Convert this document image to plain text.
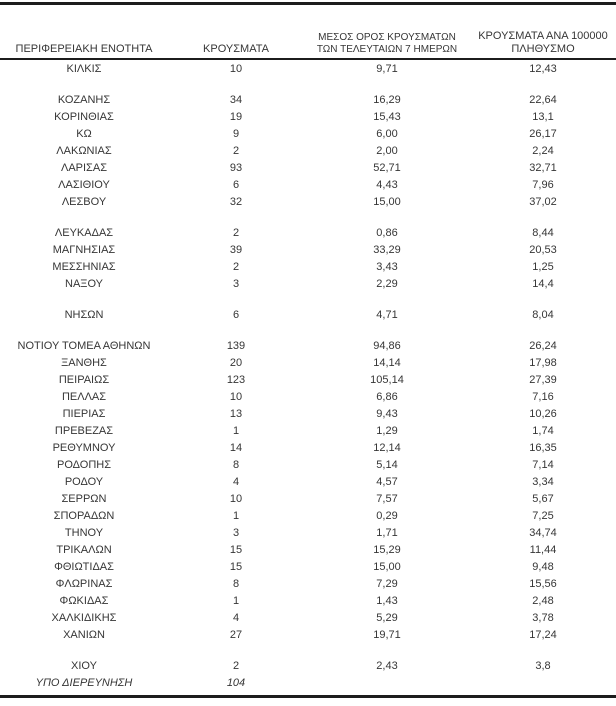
ΠΕΡΙΦΕΡΕΙΑΚΗ ΕΝΟΤΗΤΑ	ΚΡΟΥΣΜΑΤΑ	ΜΕΣΟΣ ΟΡΟΣ ΚΡΟΥΣΜΑΤΩΝ
ΤΩΝ ΤΕΛΕΥΤΑΙΩΝ 7 ΗΜΕΡΩΝ	ΚΡΟΥΣΜΑΤΑ ΑΝΑ 100000
ΠΛΗΘΥΣΜΟ
ΚΙΛΚΙΣ	10	9,71	12,43

ΚΟΖΑΝΗΣ	34	16,29	22,64
ΚΟΡΙΝΘΙΑΣ	19	15,43	13,1
ΚΩ	9	6,00	26,17
ΛΑΚΩΝΙΑΣ	2	2,00	2,24
ΛΑΡΙΣΑΣ	93	52,71	32,71
ΛΑΣΙΘΙΟΥ	6	4,43	7,96
ΛΕΣΒΟΥ	32	15,00	37,02

ΛΕΥΚΑΔΑΣ	2	0,86	8,44
ΜΑΓΝΗΣΙΑΣ	39	33,29	20,53
ΜΕΣΣΗΝΙΑΣ	2	3,43	1,25
ΝΑΞΟΥ	3	2,29	14,4

ΝΗΣΩΝ	6	4,71	8,04

ΝΟΤΙΟΥ ΤΟΜΕΑ ΑΘΗΝΩΝ	139	94,86	26,24
ΞΑΝΘΗΣ	20	14,14	17,98
ΠΕΙΡΑΙΩΣ	123	105,14	27,39
ΠΕΛΛΑΣ	10	6,86	7,16
ΠΙΕΡΙΑΣ	13	9,43	10,26
ΠΡΕΒΕΖΑΣ	1	1,29	1,74
ΡΕΘΥΜΝΟΥ	14	12,14	16,35
ΡΟΔΟΠΗΣ	8	5,14	7,14
ΡΟΔΟΥ	4	4,57	3,34
ΣΕΡΡΩΝ	10	7,57	5,67
ΣΠΟΡΑΔΩΝ	1	0,29	7,25
ΤΗΝΟΥ	3	1,71	34,74
ΤΡΙΚΑΛΩΝ	15	15,29	11,44
ΦΘΙΩΤΙΔΑΣ	15	15,00	9,48
ΦΛΩΡΙΝΑΣ	8	7,29	15,56
ΦΩΚΙΔΑΣ	1	1,43	2,48
ΧΑΛΚΙΔΙΚΗΣ	4	5,29	3,78
ΧΑΝΙΩΝ	27	19,71	17,24

ΧΙΟΥ	2	2,43	3,8
ΥΠΟ ΔΙΕΡΕΥΝΗΣΗ	104		
